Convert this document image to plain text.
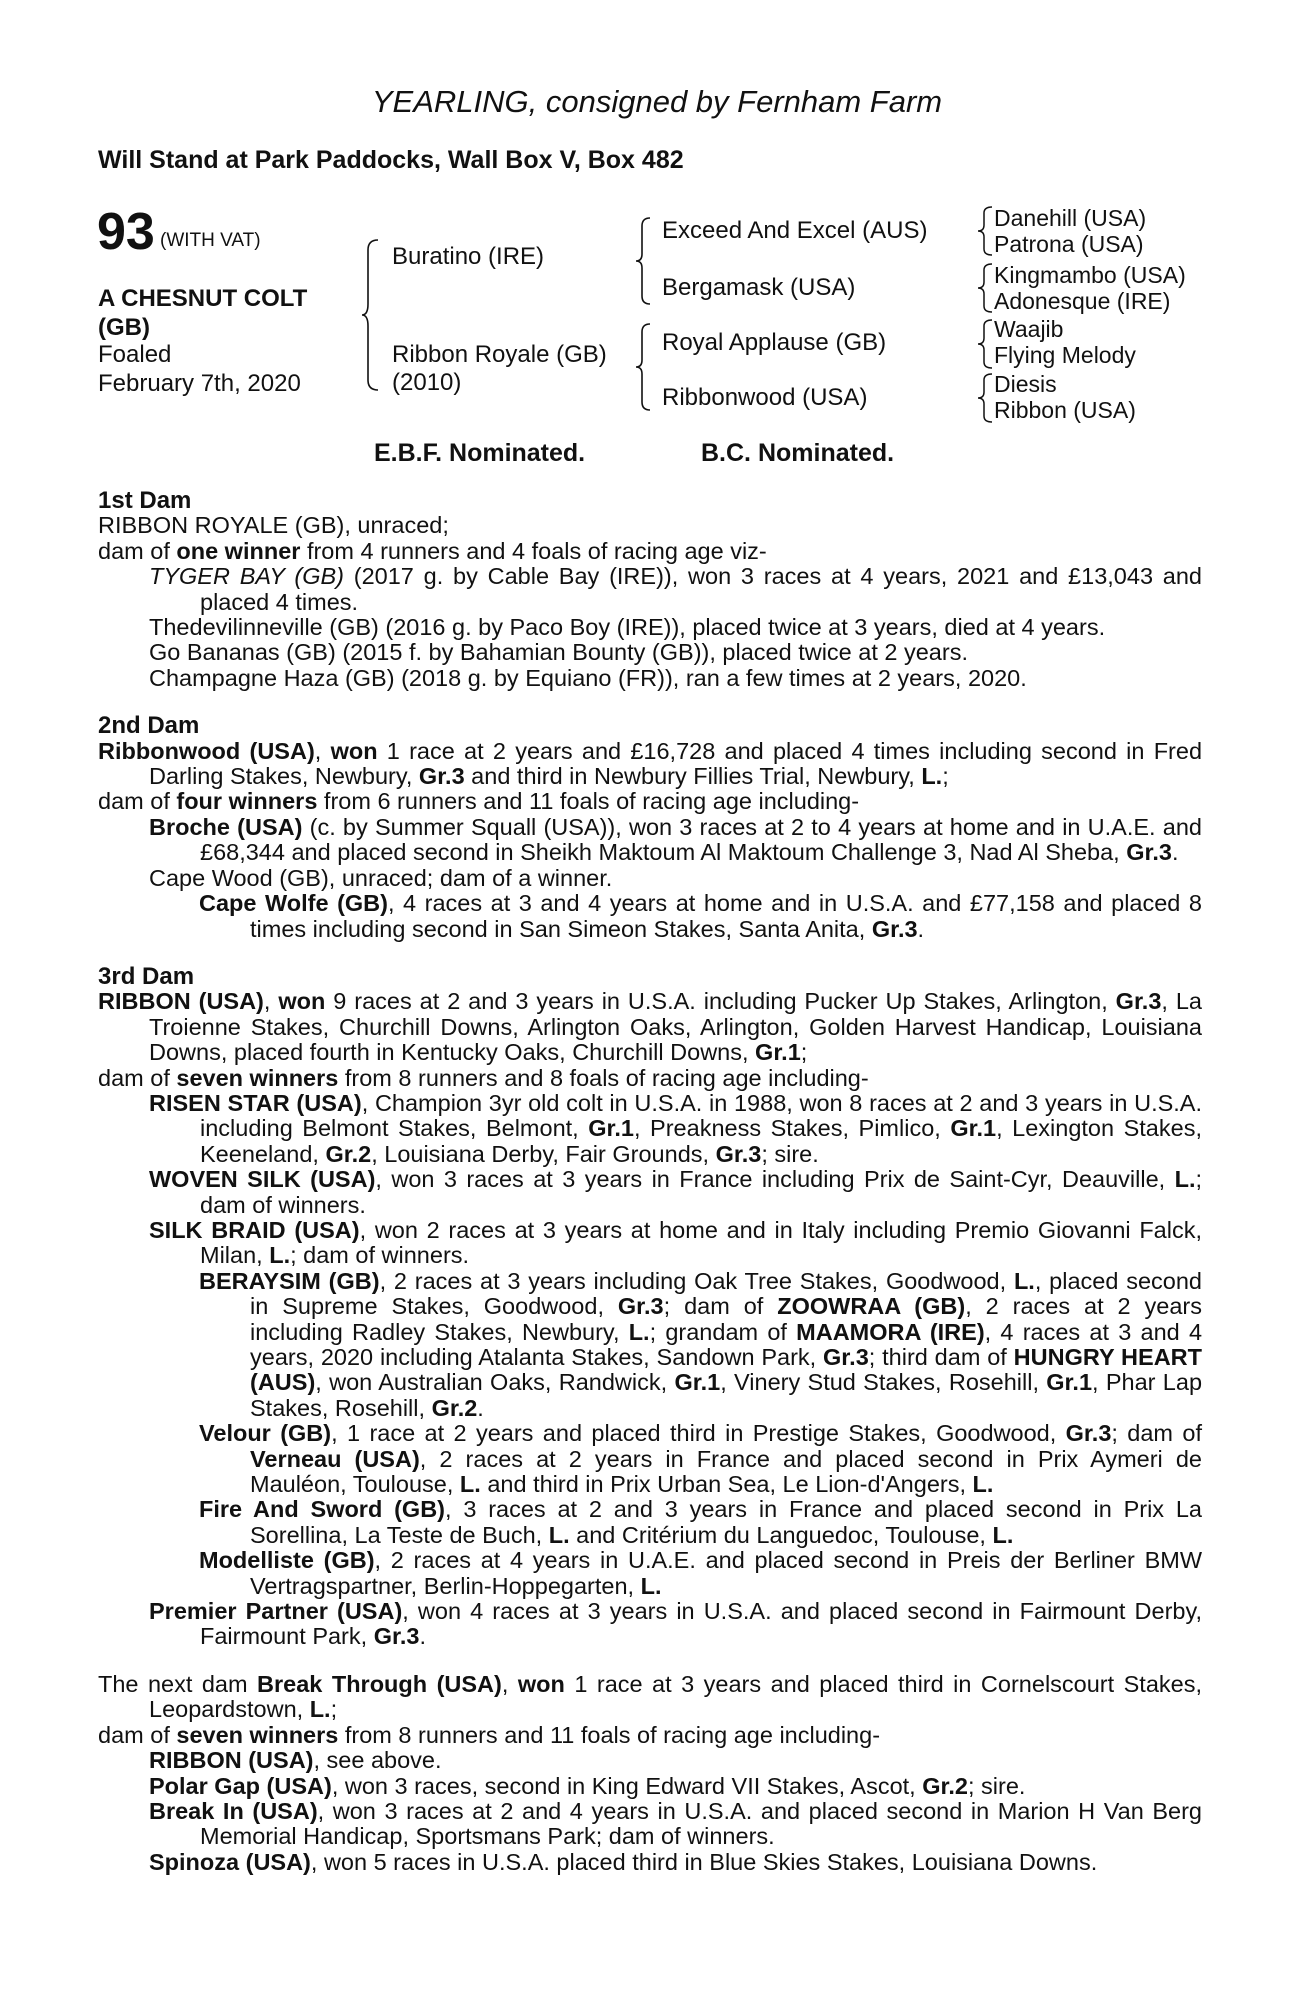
YEARLING, consigned by Fernham Farm
Will Stand at Park Paddocks, Wall Box V, Box 482
93 (WITH VAT)
A CHESNUT COLT
(GB)
Foaled
February 7th, 2020
Buratino (IRE)
Ribbon Royale (GB)
(2010)
Exceed And Excel (AUS)
Bergamask (USA)
Royal Applause (GB)
Ribbonwood (USA)
Danehill (USA)
Patrona (USA)
Kingmambo (USA)
Adonesque (IRE)
Waajib
Flying Melody
Diesis
Ribbon (USA)
E.B.F. Nominated.	B.C. Nominated.

1st Dam

RIBBON ROYALE (GB), unraced;

dam of one winner from 4 runners and 4 foals of racing age viz-

TYGER BAY (GB) (2017 g. by Cable Bay (IRE)), won 3 races at 4 years, 2021 and £13,043 and placed 4 times.

Thedevilinneville (GB) (2016 g. by Paco Boy (IRE)), placed twice at 3 years, died at 4 years.

Go Bananas (GB) (2015 f. by Bahamian Bounty (GB)), placed twice at 2 years.

Champagne Haza (GB) (2018 g. by Equiano (FR)), ran a few times at 2 years, 2020.

2nd Dam

Ribbonwood (USA), won 1 race at 2 years and £16,728 and placed 4 times including second in Fred Darling Stakes, Newbury, Gr.3 and third in Newbury Fillies Trial, Newbury, L.;

dam of four winners from 6 runners and 11 foals of racing age including-

Broche (USA) (c. by Summer Squall (USA)), won 3 races at 2 to 4 years at home and in U.A.E. and £68,344 and placed second in Sheikh Maktoum Al Maktoum Challenge 3, Nad Al Sheba, Gr.3.

Cape Wood (GB), unraced; dam of a winner.

Cape Wolfe (GB), 4 races at 3 and 4 years at home and in U.S.A. and £77,158 and placed 8 times including second in San Simeon Stakes, Santa Anita, Gr.3.

3rd Dam

RIBBON (USA), won 9 races at 2 and 3 years in U.S.A. including Pucker Up Stakes, Arlington, Gr.3, La Troienne Stakes, Churchill Downs, Arlington Oaks, Arlington, Golden Harvest Handicap, Louisiana Downs, placed fourth in Kentucky Oaks, Churchill Downs, Gr.1;

dam of seven winners from 8 runners and 8 foals of racing age including-

RISEN STAR (USA), Champion 3yr old colt in U.S.A. in 1988, won 8 races at 2 and 3 years in U.S.A. including Belmont Stakes, Belmont, Gr.1, Preakness Stakes, Pimlico, Gr.1, Lexington Stakes, Keeneland, Gr.2, Louisiana Derby, Fair Grounds, Gr.3; sire.

WOVEN SILK (USA), won 3 races at 3 years in France including Prix de Saint-Cyr, Deauville, L.; dam of winners.

SILK BRAID (USA), won 2 races at 3 years at home and in Italy including Premio Giovanni Falck, Milan, L.; dam of winners.

BERAYSIM (GB), 2 races at 3 years including Oak Tree Stakes, Goodwood, L., placed second in Supreme Stakes, Goodwood, Gr.3; dam of ZOOWRAA (GB), 2 races at 2 years including Radley Stakes, Newbury, L.; grandam of MAAMORA (IRE), 4 races at 3 and 4 years, 2020 including Atalanta Stakes, Sandown Park, Gr.3; third dam of HUNGRY HEART (AUS), won Australian Oaks, Randwick, Gr.1, Vinery Stud Stakes, Rosehill, Gr.1, Phar Lap Stakes, Rosehill, Gr.2.

Velour (GB), 1 race at 2 years and placed third in Prestige Stakes, Goodwood, Gr.3; dam of Verneau (USA), 2 races at 2 years in France and placed second in Prix Aymeri de Mauléon, Toulouse, L. and third in Prix Urban Sea, Le Lion-d'Angers, L.

Fire And Sword (GB), 3 races at 2 and 3 years in France and placed second in Prix La Sorellina, La Teste de Buch, L. and Critérium du Languedoc, Toulouse, L.

Modelliste (GB), 2 races at 4 years in U.A.E. and placed second in Preis der Berliner BMW Vertragspartner, Berlin-Hoppegarten, L.

Premier Partner (USA), won 4 races at 3 years in U.S.A. and placed second in Fairmount Derby, Fairmount Park, Gr.3.

The next dam Break Through (USA), won 1 race at 3 years and placed third in Cornelscourt Stakes, Leopardstown, L.;

dam of seven winners from 8 runners and 11 foals of racing age including-

RIBBON (USA), see above.

Polar Gap (USA), won 3 races, second in King Edward VII Stakes, Ascot, Gr.2; sire.

Break In (USA), won 3 races at 2 and 4 years in U.S.A. and placed second in Marion H Van Berg Memorial Handicap, Sportsmans Park; dam of winners.

Spinoza (USA), won 5 races in U.S.A. placed third in Blue Skies Stakes, Louisiana Downs.
